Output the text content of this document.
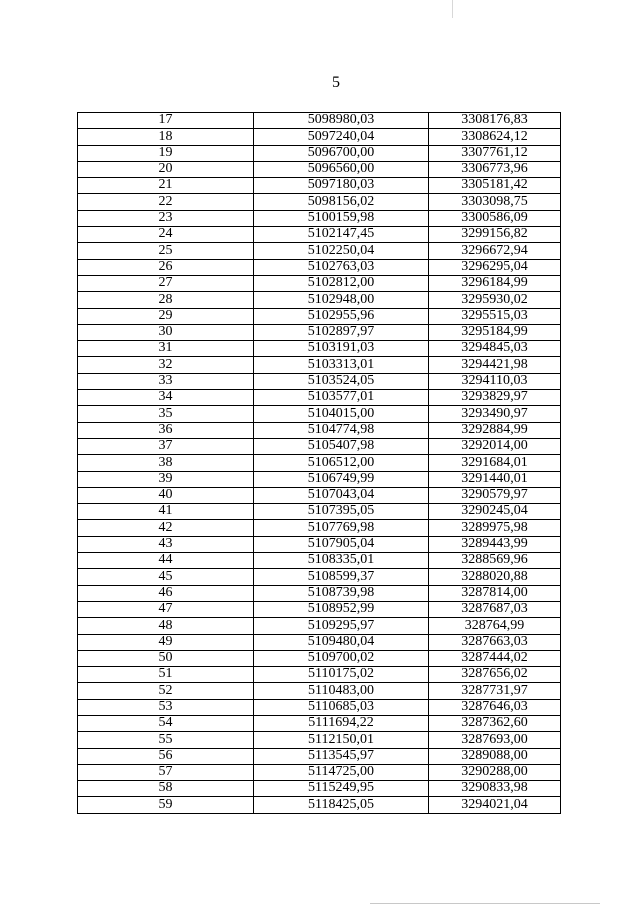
5
17	5098980,03	3308176,83
18	5097240,04	3308624,12
19	5096700,00	3307761,12
20	5096560,00	3306773,96
21	5097180,03	3305181,42
22	5098156,02	3303098,75
23	5100159,98	3300586,09
24	5102147,45	3299156,82
25	5102250,04	3296672,94
26	5102763,03	3296295,04
27	5102812,00	3296184,99
28	5102948,00	3295930,02
29	5102955,96	3295515,03
30	5102897,97	3295184,99
31	5103191,03	3294845,03
32	5103313,01	3294421,98
33	5103524,05	3294110,03
34	5103577,01	3293829,97
35	5104015,00	3293490,97
36	5104774,98	3292884,99
37	5105407,98	3292014,00
38	5106512,00	3291684,01
39	5106749,99	3291440,01
40	5107043,04	3290579,97
41	5107395,05	3290245,04
42	5107769,98	3289975,98
43	5107905,04	3289443,99
44	5108335,01	3288569,96
45	5108599,37	3288020,88
46	5108739,98	3287814,00
47	5108952,99	3287687,03
48	5109295,97	328764,99
49	5109480,04	3287663,03
50	5109700,02	3287444,02
51	5110175,02	3287656,02
52	5110483,00	3287731,97
53	5110685,03	3287646,03
54	5111694,22	3287362,60
55	5112150,01	3287693,00
56	5113545,97	3289088,00
57	5114725,00	3290288,00
58	5115249,95	3290833,98
59	5118425,05	3294021,04
